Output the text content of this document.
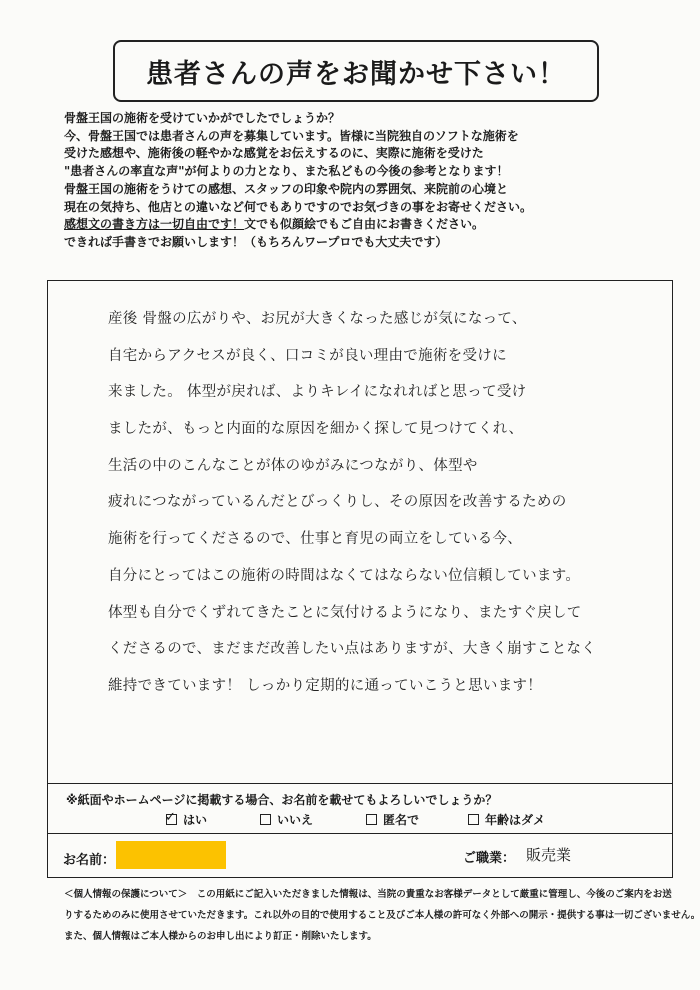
患者さんの声をお聞かせ下さい！
骨盤王国の施術を受けていかがでしたでしょうか？
今、骨盤王国では患者さんの声を募集しています。皆様に当院独自のソフトな施術を
受けた感想や、施術後の軽やかな感覚をお伝えするのに、実際に施術を受けた
"患者さんの率直な声"が何よりの力となり、また私どもの今後の参考となります！
骨盤王国の施術をうけての感想、スタッフの印象や院内の雰囲気、来院前の心境と
現在の気持ち、他店との違いなど何でもありですのでお気づきの事をお寄せください。
感想文の書き方は一切自由です！文でも似顔絵でもご自由にお書きください。
できれば手書きでお願いします！（もちろんワープロでも大丈夫です）
産後 骨盤の広がりや、お尻が大きくなった感じが気になって、
自宅からアクセスが良く、口コミが良い理由で施術を受けに
来ました。 体型が戻れば、よりキレイになれればと思って受け
ましたが、もっと内面的な原因を細かく探して見つけてくれ、
生活の中のこんなことが体のゆがみにつながり、体型や
疲れにつながっているんだとびっくりし、その原因を改善するための
施術を行ってくださるので、仕事と育児の両立をしている今、
自分にとってはこの施術の時間はなくてはならない位信頼しています。
体型も自分でくずれてきたことに気付けるようになり、またすぐ戻して
くださるので、まだまだ改善したい点はありますが、大きく崩すことなく
維持できています！ しっかり定期的に通っていこうと思います！
※紙面やホームページに掲載する場合、お名前を載せてもよろしいでしょうか？
✓ はい	いいえ	匿名で	年齢はダメ
お名前：	ご職業： 販売業
＜個人情報の保護について＞　この用紙にご記入いただきました情報は、当院の貴重なお客様データとして厳重に管理し、今後のご案内をお送
りするためのみに使用させていただきます。これ以外の目的で使用すること及びご本人様の許可なく外部への開示・提供する事は一切ございません。
また、個人情報はご本人様からのお申し出により訂正・削除いたします。
